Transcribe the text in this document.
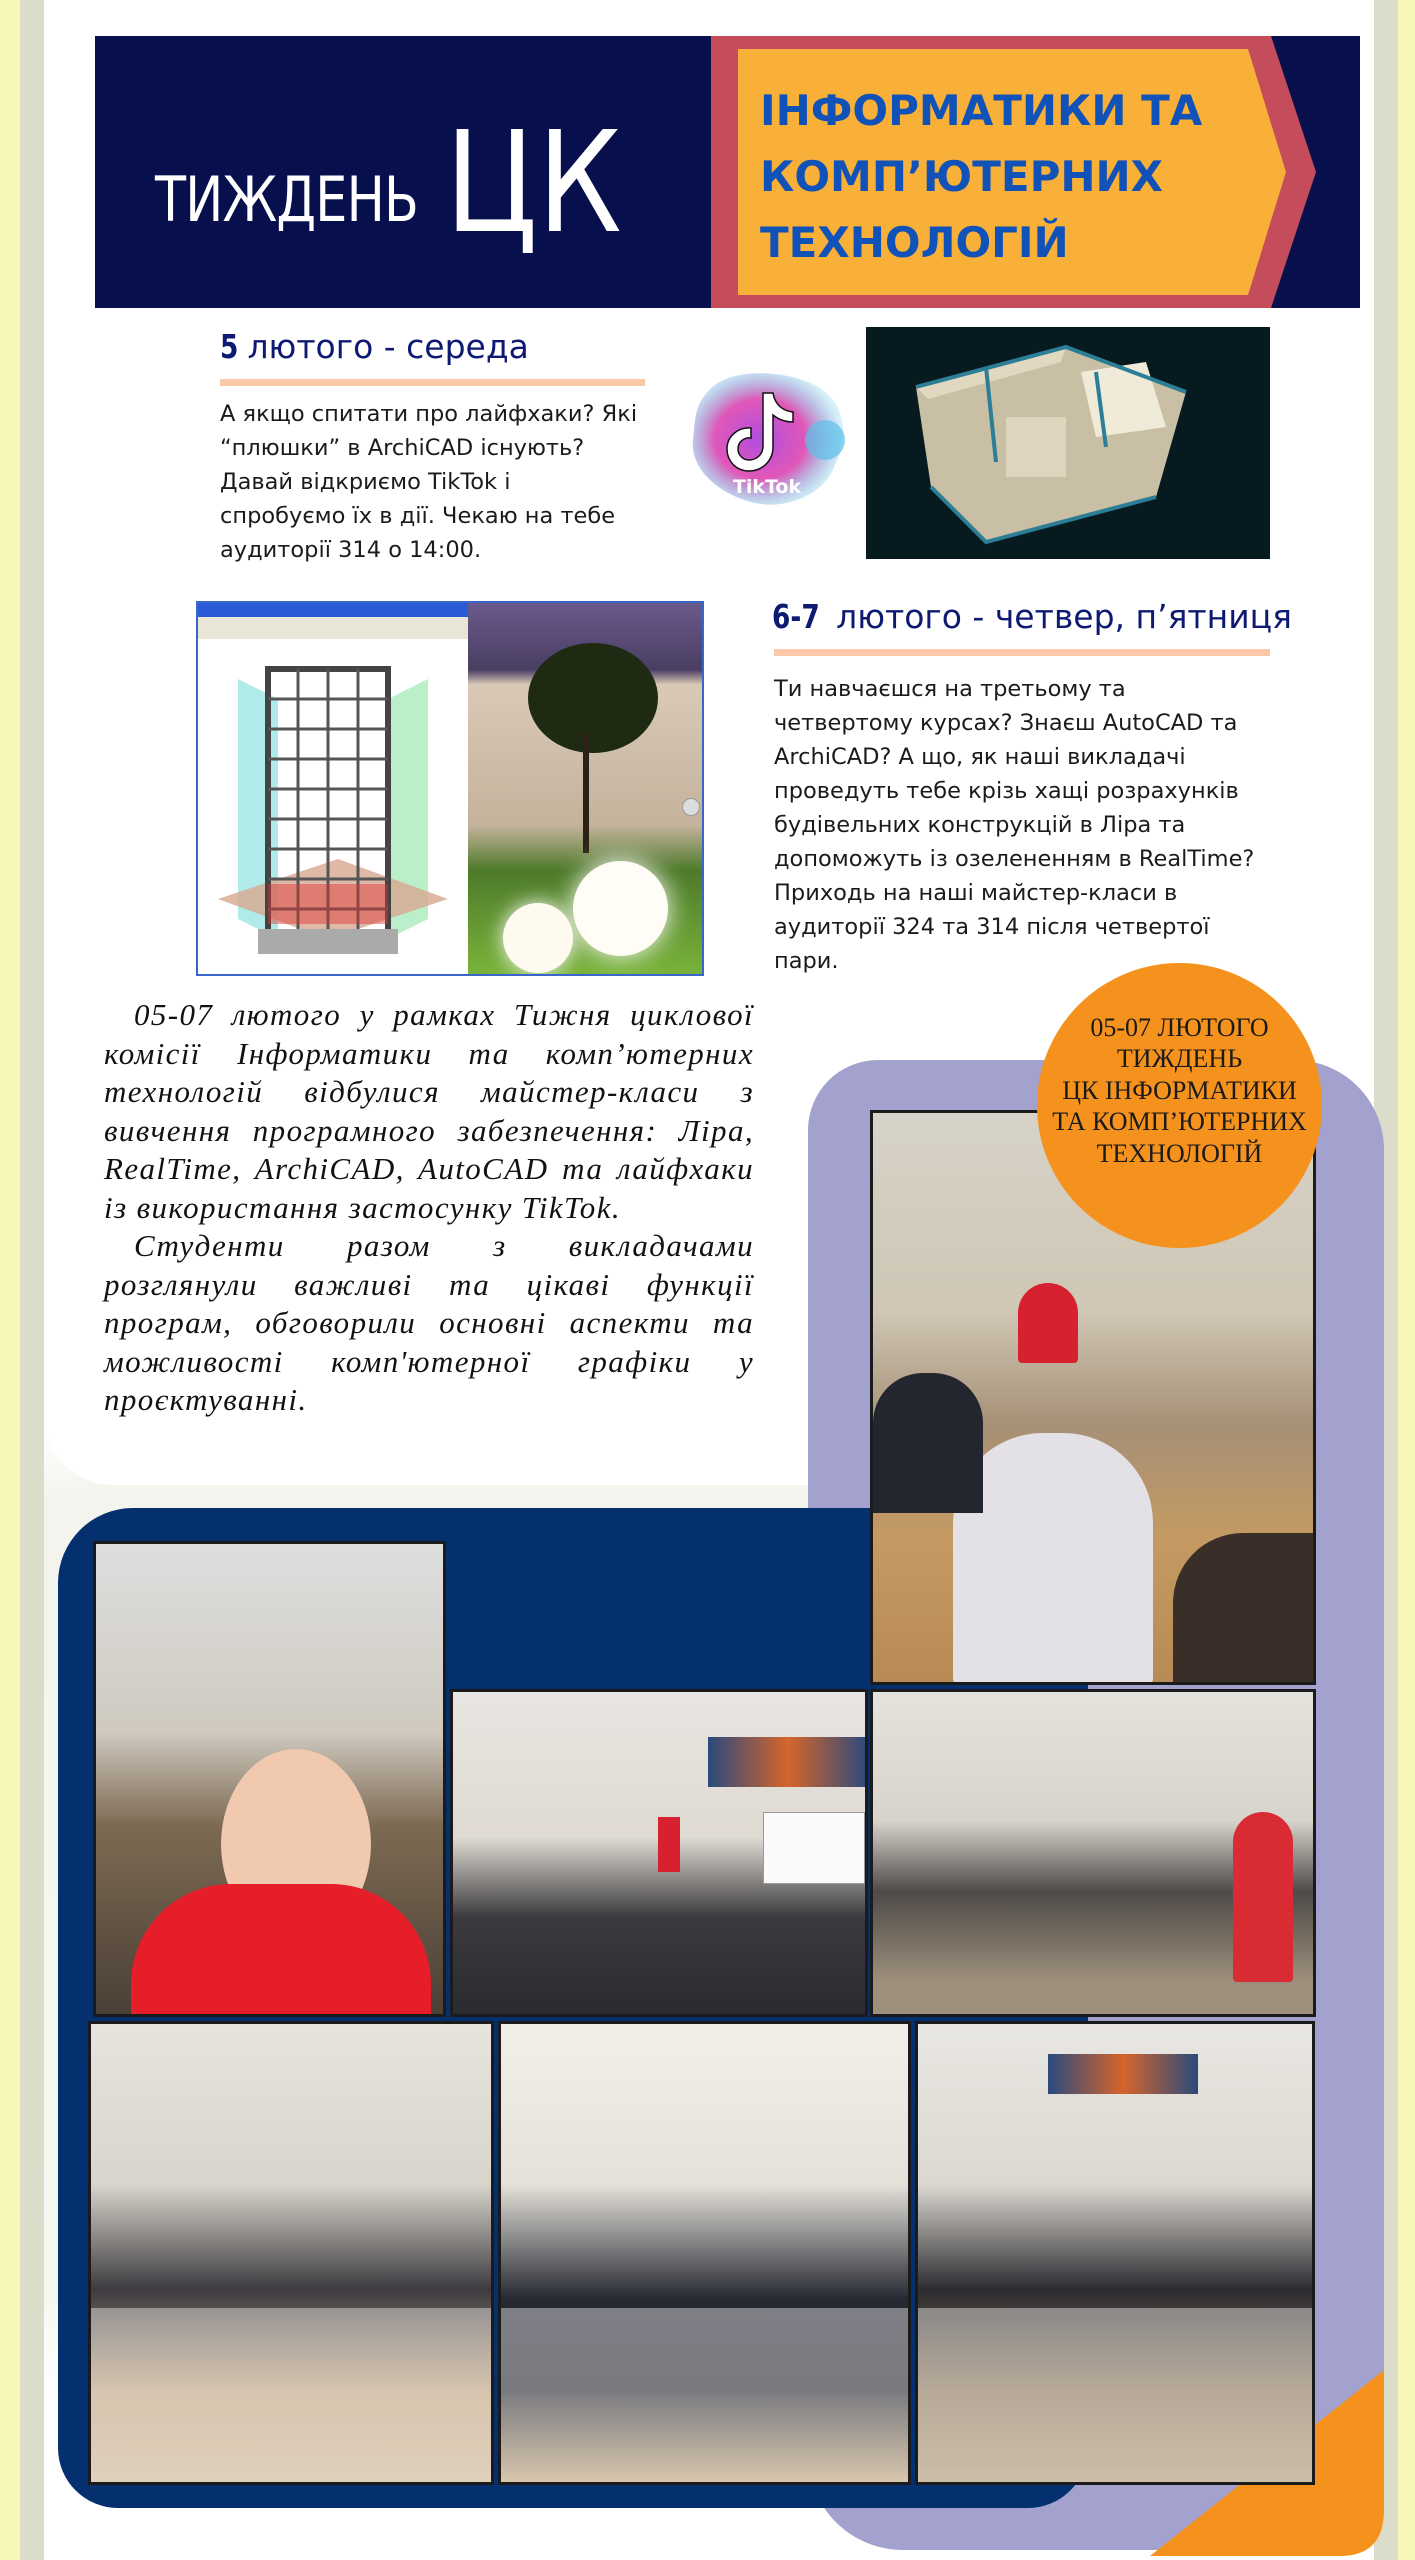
ТИЖДЕНЬ ЦК	ІНФОРМАТИКИ ТА
КОМП’ЮТЕРНИХ
ТЕХНОЛОГІЙ
5 лютого - середа
А якщо спитати про лайфхаки? Які
“плюшки” в ArchiCAD існують?
Давай відкриємо TikTok і
спробуємо їх в дії. Чекаю на тебе
аудиторії 314 о 14:00.
TikTok
6-7 лютого - четвер, п’ятниця
Ти навчаєшся на третьому та
четвертому курсах? Знаєш AutoCAD та
ArchiCAD? А що, як наші викладачі
проведуть тебе крізь хащі розрахунків
будівельних конструкцій в Ліра та
допоможуть із озелененням в RealTime?
Приходь на наші майстер-класи в
аудиторії 324 та 314 після четвертої
пари.

05-07 лютого у рамках Тижня циклової комісії Інформатики та комп’ютерних технологій відбулися майстер-класи з вивчення програмного забезпечення: Ліра, RealTime, ArchiCAD, AutoCAD та лайфхаки із використання застосунку TikTok.

Студенти разом з викладачами розглянули важливі та цікаві функції програм, обговорили основні аспекти та можливості комп'ютерної графіки у проєктуванні.

05-07 ЛЮТОГО
ТИЖДЕНЬ
ЦК ІНФОРМАТИКИ
ТА КОМП’ЮТЕРНИХ
ТЕХНОЛОГІЙ
